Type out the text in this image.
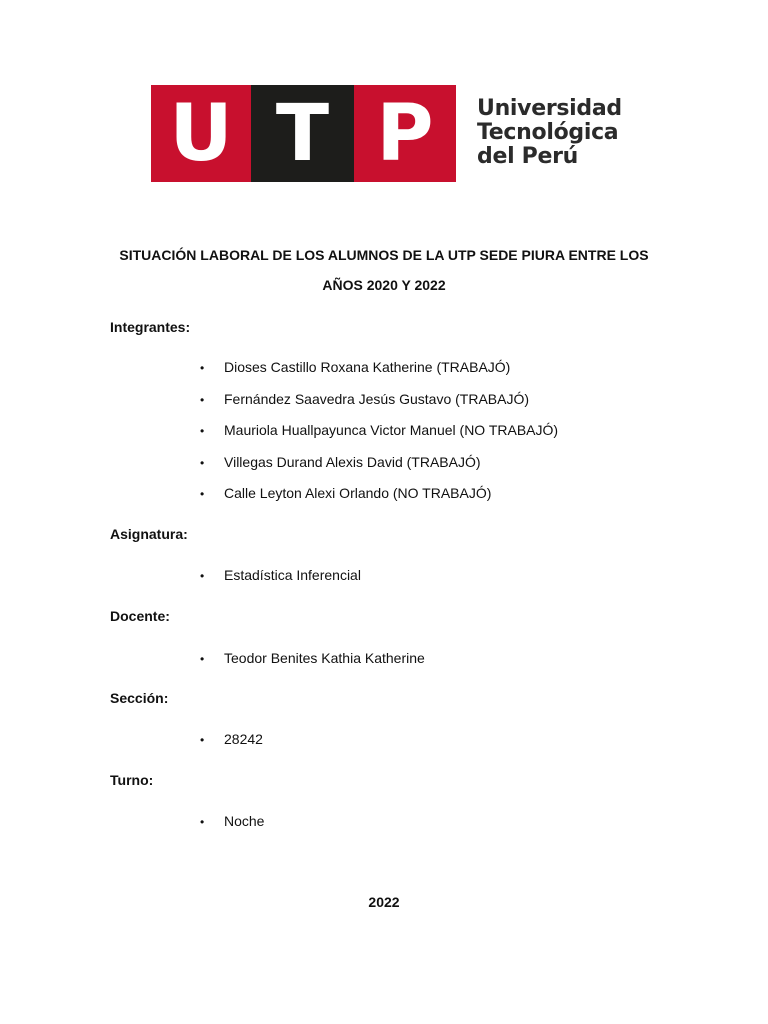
U T P	Universidad
Tecnológica
del Perú
SITUACIÓN LABORAL DE LOS ALUMNOS DE LA UTP SEDE PIURA ENTRE LOS
AÑOS 2020 Y 2022
Integrantes:
• Dioses Castillo Roxana Katherine (TRABAJÓ)
• Fernández Saavedra Jesús Gustavo (TRABAJÓ)
• Mauriola Huallpayunca Victor Manuel (NO TRABAJÓ)
• Villegas Durand Alexis David (TRABAJÓ)
• Calle Leyton Alexi Orlando (NO TRABAJÓ)
Asignatura:
• Estadística Inferencial
Docente:
• Teodor Benites Kathia Katherine
Sección:
• 28242
Turno:
• Noche
2022
